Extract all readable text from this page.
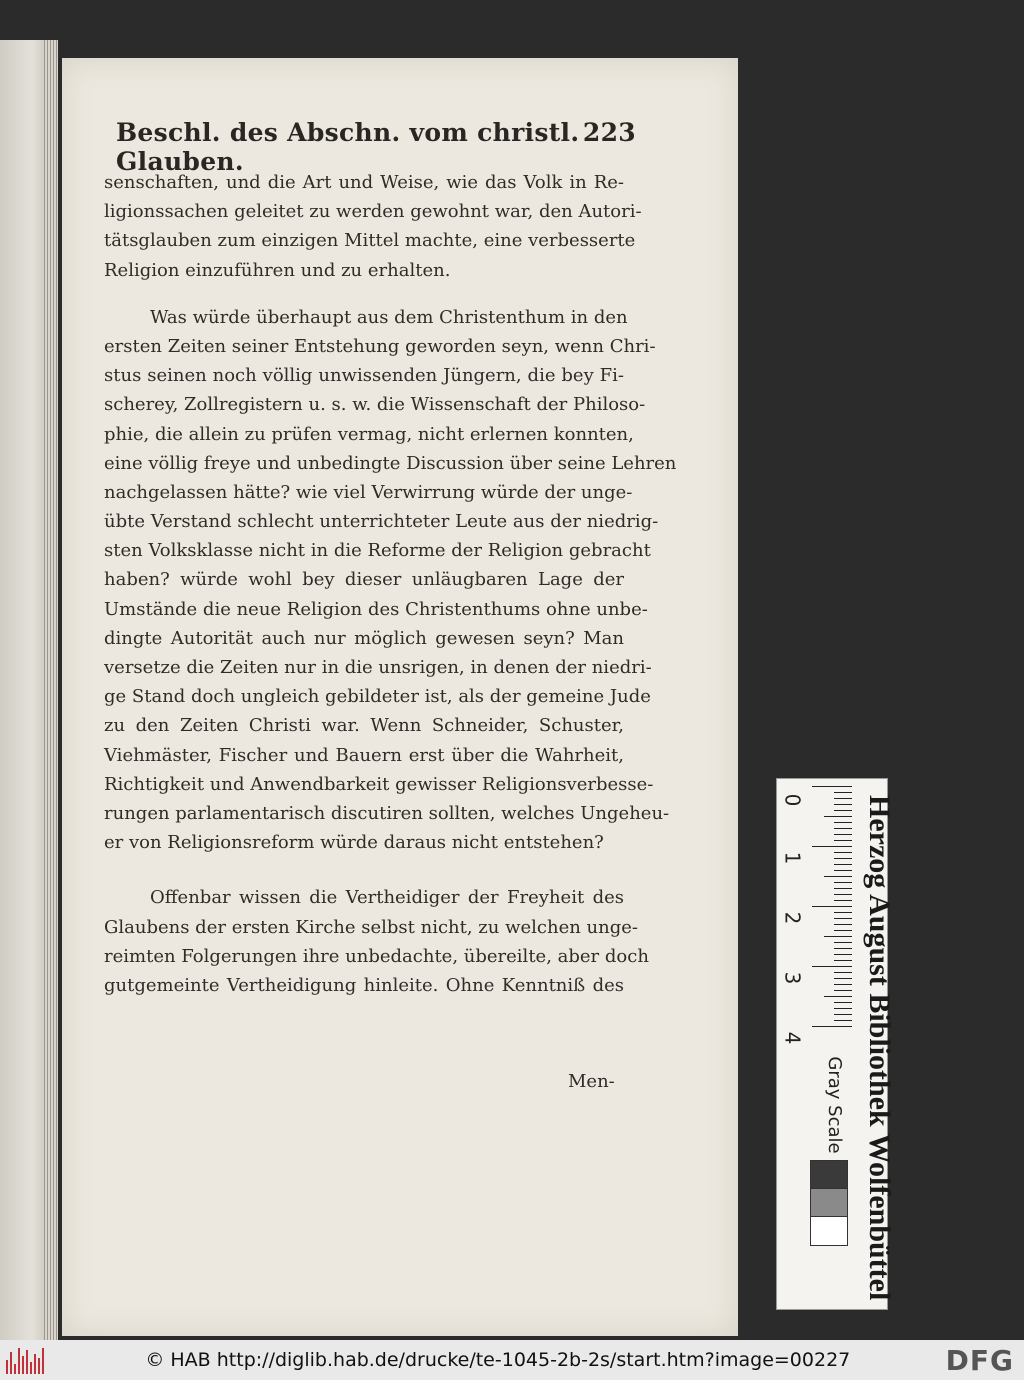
Beschl. des Abschn. vom christl. Glauben.
223
senschaften, und die Art und Weise, wie das Volk in Re-
ligionssachen geleitet zu werden gewohnt war, den Autori-
tätsglauben zum einzigen Mittel machte, eine verbesserte
Religion einzuführen und zu erhalten.
Was würde überhaupt aus dem Christenthum in den
ersten Zeiten seiner Entstehung geworden seyn, wenn Chri-
stus seinen noch völlig unwissenden Jüngern, die bey Fi-
scherey, Zollregistern u. s. w. die Wissenschaft der Philoso-
phie, die allein zu prüfen vermag, nicht erlernen konnten,
eine völlig freye und unbedingte Discussion über seine Lehren
nachgelassen hätte? wie viel Verwirrung würde der unge-
übte Verstand schlecht unterrichteter Leute aus der niedrig-
sten Volksklasse nicht in die Reforme der Religion gebracht
haben? würde wohl bey dieser unläugbaren Lage der
Umstände die neue Religion des Christenthums ohne unbe-
dingte Autorität auch nur möglich gewesen seyn? Man
versetze die Zeiten nur in die unsrigen, in denen der niedri-
ge Stand doch ungleich gebildeter ist, als der gemeine Jude
zu den Zeiten Christi war. Wenn Schneider, Schuster,
Viehmäster, Fischer und Bauern erst über die Wahrheit,
Richtigkeit und Anwendbarkeit gewisser Religionsverbesse-
rungen parlamentarisch discutiren sollten, welches Ungeheu-
er von Religionsreform würde daraus nicht entstehen?
Offenbar wissen die Vertheidiger der Freyheit des
Glaubens der ersten Kirche selbst nicht, zu welchen unge-
reimten Folgerungen ihre unbedachte, übereilte, aber doch
gutgemeinte Vertheidigung hinleite. Ohne Kenntniß des
Men-
0
1
2
3
4 Herzog August Bibliothek Wolfenbüttel
Gray Scale
© HAB http://diglib.hab.de/drucke/te-1045-2b-2s/start.htm?image=00227	DFG
